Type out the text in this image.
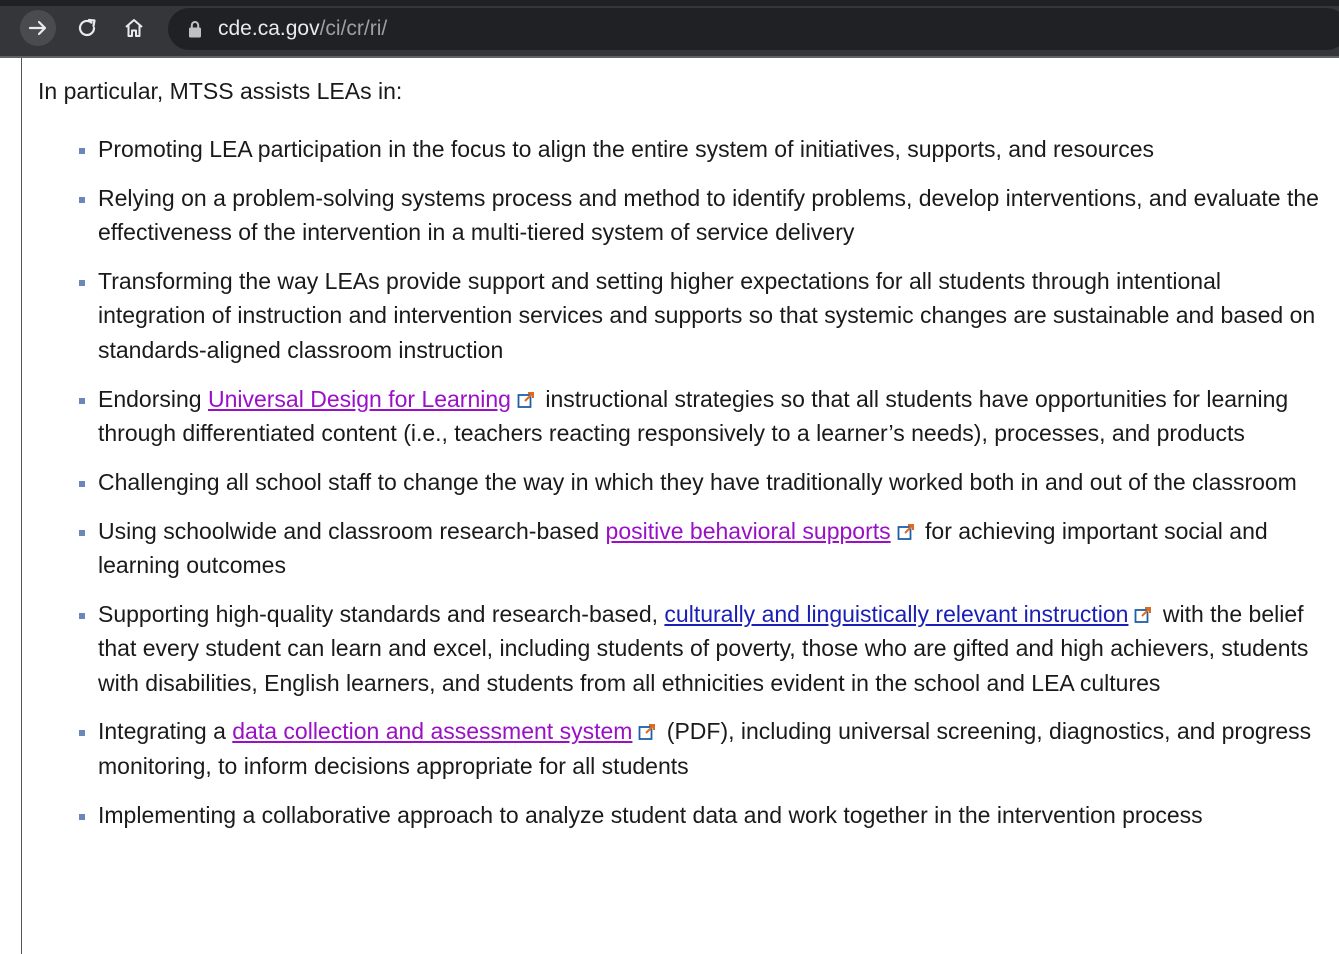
cde.ca.gov/ci/cr/ri/

In particular, MTSS assists LEAs in:

Promoting LEA participation in the focus to align the entire system of initiatives, supports, and resources
Relying on a problem-solving systems process and method to identify problems, develop interventions, and evaluate the effectiveness of the intervention in a multi-tiered system of service delivery
Transforming the way LEAs provide support and setting higher expectations for all students through intentional integration of instruction and intervention services and supports so that systemic changes are sustainable and based on standards-aligned classroom instruction
Endorsing Universal Design for Learning instructional strategies so that all students have opportunities for learning through differentiated content (i.e., teachers reacting responsively to a learner’s needs), processes, and products
Challenging all school staff to change the way in which they have traditionally worked both in and out of the classroom
Using schoolwide and classroom research-based positive behavioral supports for achieving important social and learning outcomes
Supporting high-quality standards and research-based, culturally and linguistically relevant instruction with the belief that every student can learn and excel, including students of poverty, those who are gifted and high achievers, students with disabilities, English learners, and students from all ethnicities evident in the school and LEA cultures
Integrating a data collection and assessment system (PDF), including universal screening, diagnostics, and progress monitoring, to inform decisions appropriate for all students
Implementing a collaborative approach to analyze student data and work together in the intervention process
